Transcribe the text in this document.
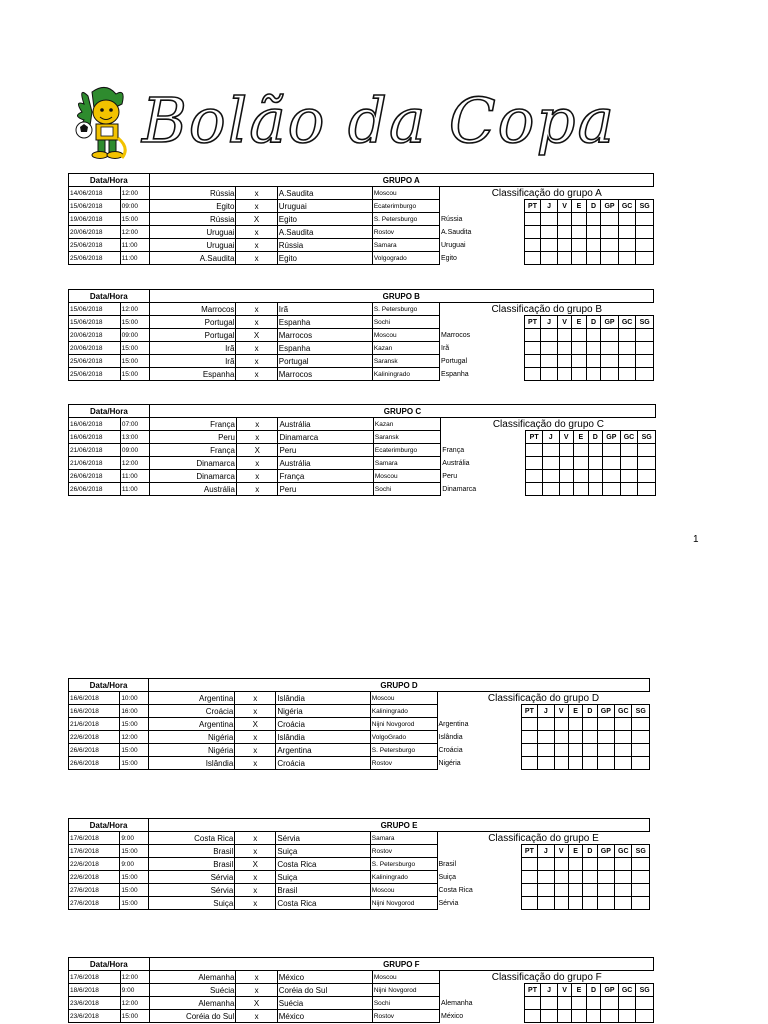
Bolão da Copa
1
Data/Hora		GRUPO A												
14/06/2018	12:00	Rússia	x	A.Saudita	Moscou	Classificação do grupo A								
15/06/2018	09:00	Egito	x	Uruguai	Ecaterimburgo		PT	J	V	E	D	GP	GC	SG
19/06/2018	15:00	Rússia	X	Egito	S. Petersburgo	Rússia								
20/06/2018	12:00	Uruguai	x	A.Saudita	Rostov	A.Saudita								
25/06/2018	11:00	Uruguai	x	Rússia	Samara	Uruguai								
25/06/2018	11:00	A.Saudita	x	Egito	Volgogrado	Egito								
Data/Hora		GRUPO B												
15/06/2018	12:00	Marrocos	x	Irã	S. Petersburgo	Classificação do grupo B								
15/06/2018	15:00	Portugal	x	Espanha	Sochi		PT	J	V	E	D	GP	GC	SG
20/06/2018	09:00	Portugal	X	Marrocos	Moscou	Marrocos								
20/06/2018	15:00	Irã	x	Espanha	Kazan	Irã								
25/06/2018	15:00	Irã	x	Portugal	Saransk	Portugal								
25/06/2018	15:00	Espanha	x	Marrocos	Kaliningrado	Espanha								
Data/Hora		GRUPO C												
16/06/2018	07:00	França	x	Austrália	Kazan	Classificação do grupo C								
16/06/2018	13:00	Peru	x	Dinamarca	Saransk		PT	J	V	E	D	GP	GC	SG
21/06/2018	09:00	França	X	Peru	Ecaterimburgo	França								
21/06/2018	12:00	Dinamarca	x	Austrália	Samara	Austrália								
26/06/2018	11:00	Dinamarca	x	França	Moscou	Peru								
26/06/2018	11:00	Austrália	x	Peru	Sochi	Dinamarca								
Data/Hora		GRUPO D												
16/6/2018	10:00	Argentina	x	Islândia	Moscou	Classificação do grupo D								
16/6/2018	16:00	Croácia	x	Nigéria	Kaliningrado		PT	J	V	E	D	GP	GC	SG
21/6/2018	15:00	Argentina	X	Croácia	Nijni Novgorod	Argentina								
22/6/2018	12:00	Nigéria	x	Islândia	VolgoGrado	Islândia								
26/6/2018	15:00	Nigéria	x	Argentina	S. Petersburgo	Croácia								
26/6/2018	15:00	Islândia	x	Croácia	Rostov	Nigéria								
Data/Hora		GRUPO E												
17/6/2018	9:00	Costa Rica	x	Sérvia	Samara	Classificação do grupo E								
17/6/2018	15:00	Brasil	x	Suiça	Rostov		PT	J	V	E	D	GP	GC	SG
22/6/2018	9:00	Brasil	X	Costa Rica	S. Petersburgo	Brasil								
22/6/2018	15:00	Sérvia	x	Suiça	Kaliningrado	Suiça								
27/6/2018	15:00	Sérvia	x	Brasil	Moscou	Costa Rica								
27/6/2018	15:00	Suiça	x	Costa Rica	Nijni Novgorod	Sérvia								
Data/Hora		GRUPO F												
17/6/2018	12:00	Alemanha	x	México	Moscou	Classificação do grupo F								
18/6/2018	9:00	Suécia	x	Coréia do Sul	Nijni Novgorod		PT	J	V	E	D	GP	GC	SG
23/6/2018	12:00	Alemanha	X	Suécia	Sochi	Alemanha								
23/6/2018	15:00	Coréia do Sul	x	México	Rostov	México								
